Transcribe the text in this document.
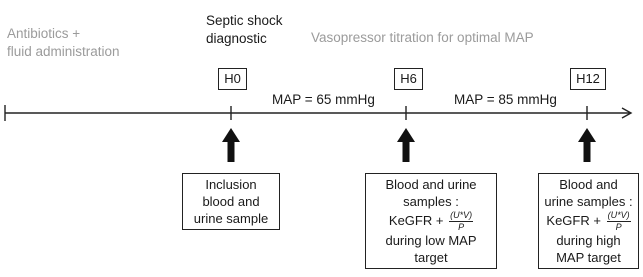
Antibiotics +
fluid administration
Septic shock
diagnostic	Vasopressor titration for optimal MAP
H0	H6	H12
MAP = 65 mmHg	MAP = 85 mmHg
Inclusion
blood and
urine sample
Blood and urine
samples :
KeGFR + $\frac{(U*V)}{P}$
during low MAP
target
Blood and
urine samples :
KeGFR + $\frac{(U*V)}{P}$
during high
MAP target
